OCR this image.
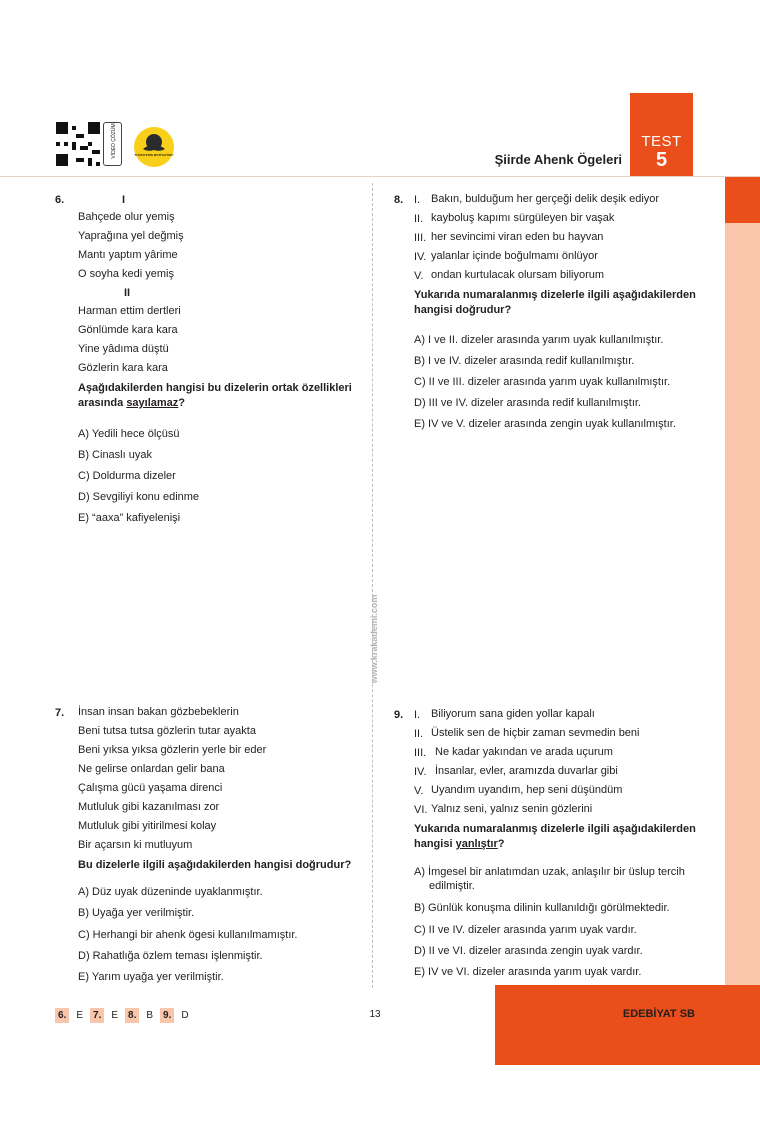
VİDEO ÇÖZÜM	TÜRKİYENİN MOTİVATÖRÜ
TEST
5
Şiirde Ahenk Ögeleri
www.krakademi.com
6.	I
Bahçede olur yemiş
Yaprağına yel değmiş
Mantı yaptım yârime
O soyha kedi yemiş
II
Harman ettim dertleri
Gönlümde kara kara
Yine yâdıma düştü
Gözlerin kara kara
Aşağıdakilerden hangisi bu dizelerin ortak özellikleri arasında sayılamaz?
A) Yedili hece ölçüsü
B) Cinaslı uyak
C) Doldurma dizeler
D) Sevgiliyi konu edinme
E) “aaxa” kafiyelenişi
7. İnsan insan bakan gözbebeklerin
Beni tutsa tutsa gözlerin tutar ayakta
Beni yıksa yıksa gözlerin yerle bir eder
Ne gelirse onlardan gelir bana
Çalışma gücü yaşama direnci
Mutluluk gibi kazanılması zor
Mutluluk gibi yitirilmesi kolay
Bir açarsın ki mutluyum
Bu dizelerle ilgili aşağıdakilerden hangisi doğrudur?
A) Düz uyak düzeninde uyaklanmıştır.
B) Uyağa yer verilmiştir.
C) Herhangi bir ahenk ögesi kullanılmamıştır.
D) Rahatlığa özlem teması işlenmiştir.
E) Yarım uyağa yer verilmiştir.
8. I. Bakın, bulduğum her gerçeği delik deşik ediyor
II. kayboluş kapımı sürgüleyen bir vaşak
III. her sevincimi viran eden bu hayvan
IV. yalanlar içinde boğulmamı önlüyor
V. ondan kurtulacak olursam biliyorum
Yukarıda numaralanmış dizelerle ilgili aşağıdakilerden hangisi doğrudur?
A) I ve II. dizeler arasında yarım uyak kullanılmıştır.
B) I ve IV. dizeler arasında redif kullanılmıştır.
C) II ve III. dizeler arasında yarım uyak kullanılmıştır.
D) III ve IV. dizeler arasında redif kullanılmıştır.
E) IV ve V. dizeler arasında zengin uyak kullanılmıştır.
9. I. Biliyorum sana giden yollar kapalı
II. Üstelik sen de hiçbir zaman sevmedin beni
III. Ne kadar yakından ve arada uçurum
IV. İnsanlar, evler, aramızda duvarlar gibi
V. Uyandım uyandım, hep seni düşündüm
VI. Yalnız seni, yalnız senin gözlerini
Yukarıda numaralanmış dizelerle ilgili aşağıdakilerden hangisi yanlıştır?
A) İmgesel bir anlatımdan uzak, anlaşılır bir üslup tercih
edilmiştir.
B) Günlük konuşma dilinin kullanıldığı görülmektedir.
C) II ve IV. dizeler arasında yarım uyak vardır.
D) II ve VI. dizeler arasında zengin uyak vardır.
E) IV ve VI. dizeler arasında yarım uyak vardır.
6.	E	7.	E	8.	B	9.	D	13	AYT EDEBİYAT SB
